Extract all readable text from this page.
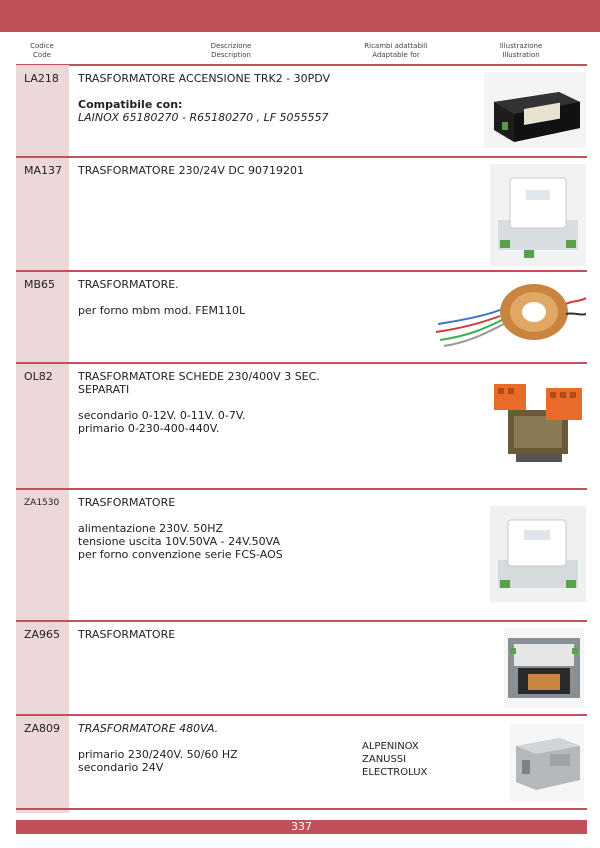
Codice
Code
Descrizione
Description
Ricambi adattabili
Adaptable for
Illustrazione
Illustration
LA218 TRASFORMATORE ACCENSIONE TRK2 - 30PDV

Compatibile con:

LAINOX 65180270 - R65180270 , LF 5055557

MA137 TRASFORMATORE 230/24V DC 90719201

MB65 TRASFORMATORE.

per forno mbm mod. FEM110L

OL82 TRASFORMATORE SCHEDE 230/400V 3 SEC.

SEPARATI

secondario 0-12V. 0-11V. 0-7V.

primario 0-230-400-440V.

ZA1530 TRASFORMATORE

alimentazione 230V. 50HZ

tensione uscita 10V.50VA - 24V.50VA

per forno convenzione serie FCS-AOS

ZA965 TRASFORMATORE

ZA809 TRASFORMATORE 480VA.

primario 230/240V. 50/60 HZ

secondario 24V

ALPENINOX
ZANUSSI
ELECTROLUX
337
